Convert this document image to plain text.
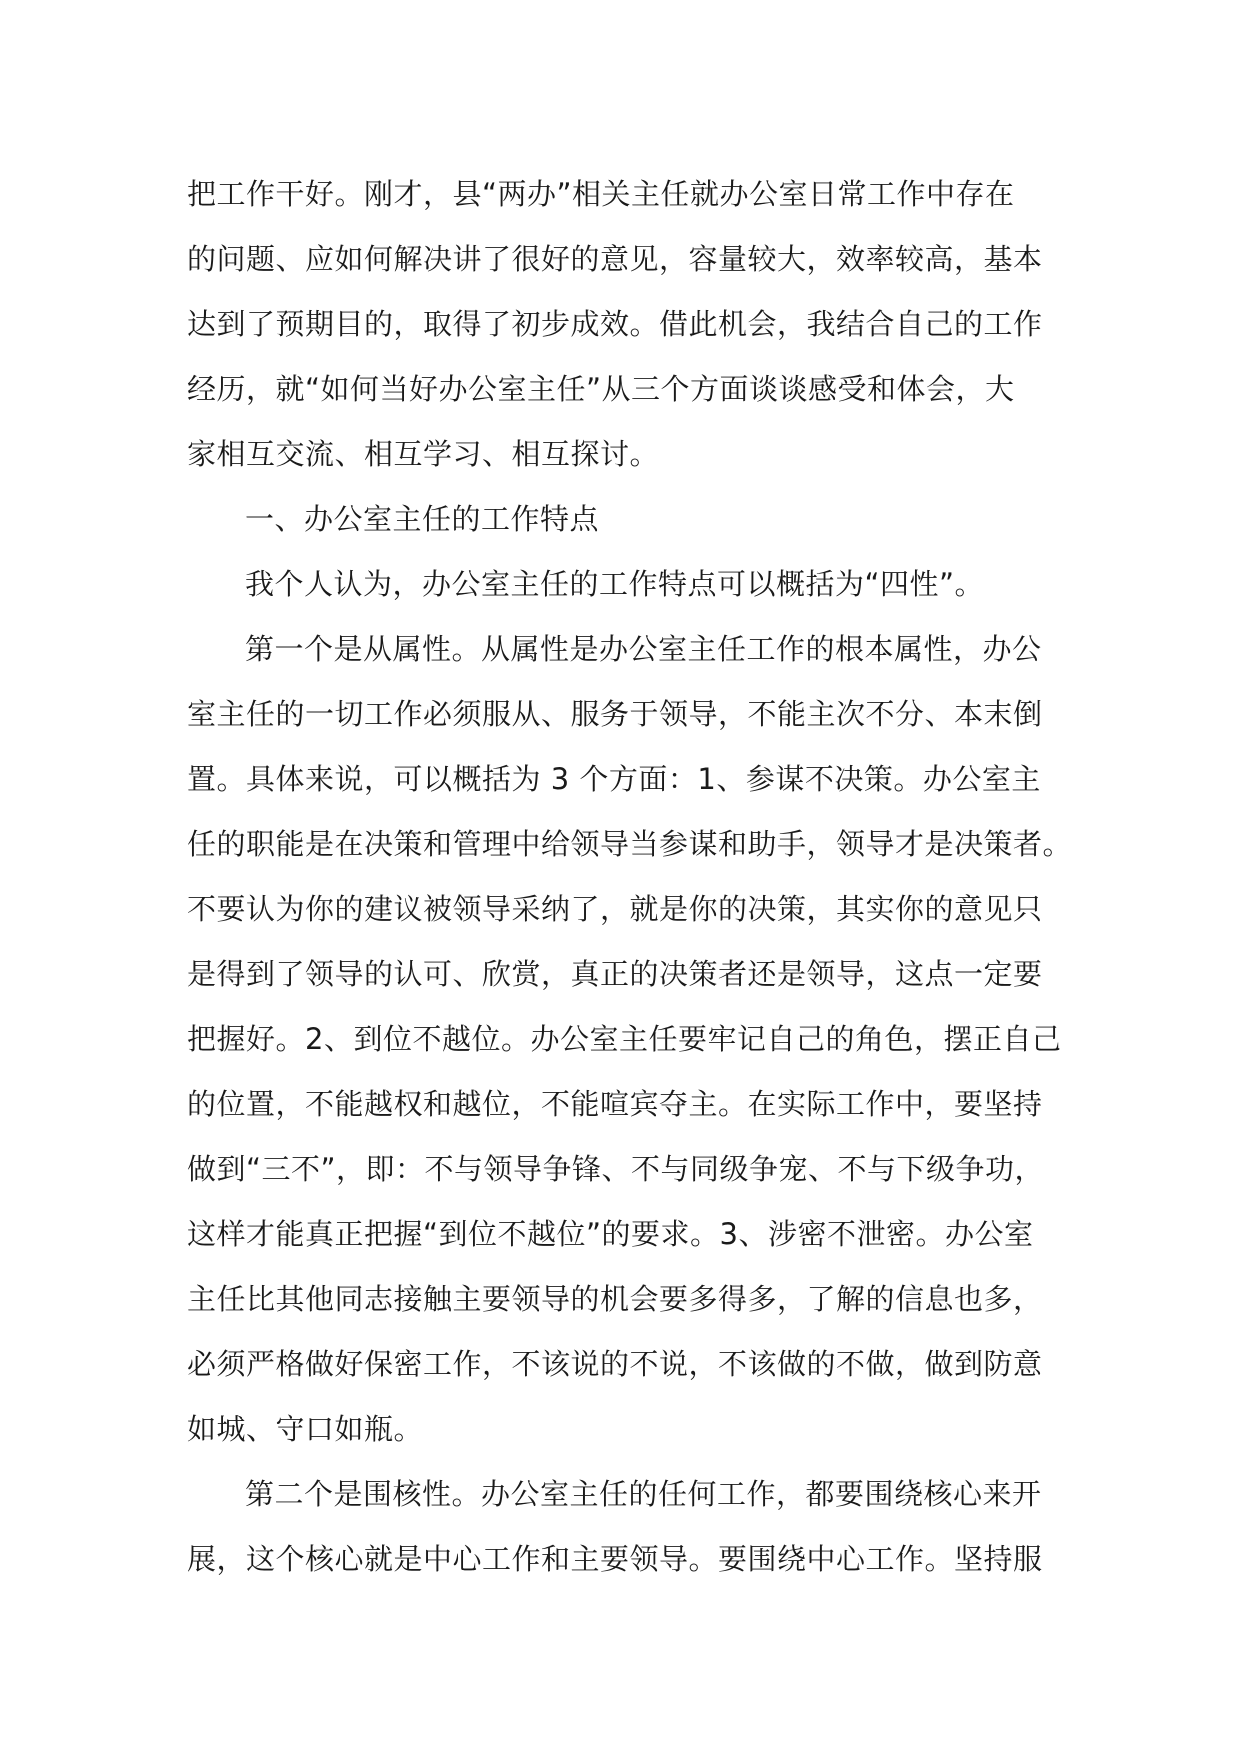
把工作干好。刚才，县“两办”相关主任就办公室日常工作中存在
的问题、应如何解决讲了很好的意见，容量较大，效率较高，基本
达到了预期目的，取得了初步成效。借此机会，我结合自己的工作
经历，就“如何当好办公室主任”从三个方面谈谈感受和体会，大
家相互交流、相互学习、相互探讨。
一、办公室主任的工作特点
我个人认为，办公室主任的工作特点可以概括为“四性”。
第一个是从属性。从属性是办公室主任工作的根本属性，办公
室主任的一切工作必须服从、服务于领导，不能主次不分、本末倒
置。具体来说，可以概括为 3 个方面：1、参谋不决策。办公室主
任的职能是在决策和管理中给领导当参谋和助手，领导才是决策者。
不要认为你的建议被领导采纳了，就是你的决策，其实你的意见只
是得到了领导的认可、欣赏，真正的决策者还是领导，这点一定要
把握好。2、到位不越位。办公室主任要牢记自己的角色，摆正自己
的位置，不能越权和越位，不能喧宾夺主。在实际工作中，要坚持
做到“三不”，即：不与领导争锋、不与同级争宠、不与下级争功，
这样才能真正把握“到位不越位”的要求。3、涉密不泄密。办公室
主任比其他同志接触主要领导的机会要多得多，了解的信息也多，
必须严格做好保密工作，不该说的不说，不该做的不做，做到防意
如城、守口如瓶。
第二个是围核性。办公室主任的任何工作，都要围绕核心来开
展，这个核心就是中心工作和主要领导。要围绕中心工作。坚持服
